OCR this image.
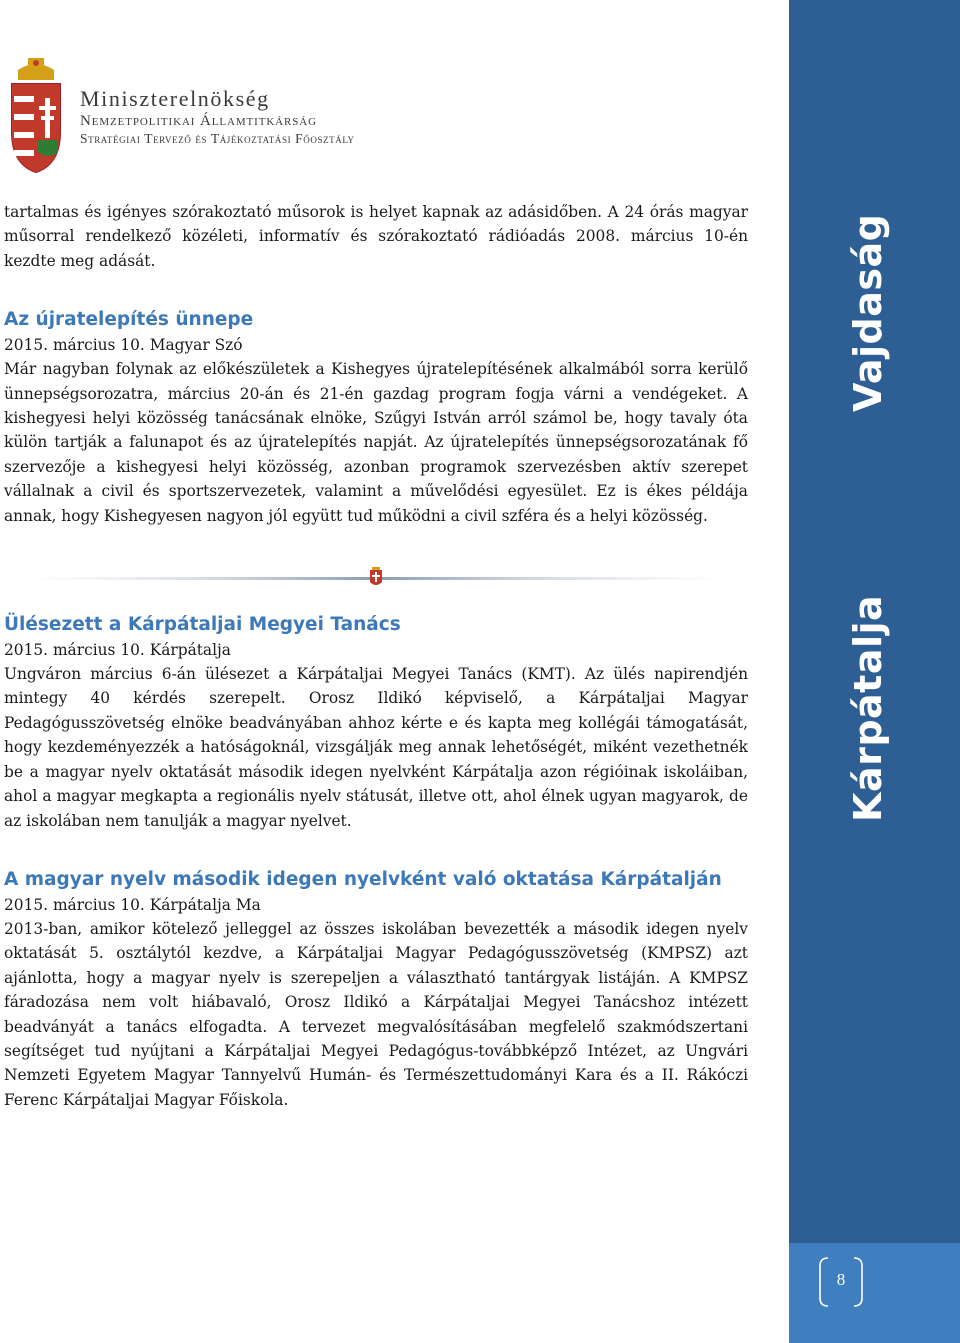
Miniszterelnökség
Nemzetpolitikai Államtitkárság
Stratégiai Tervező és Tájékoztatási Főosztály

tartalmas és igényes szórakoztató műsorok is helyet kapnak az adásidőben. A 24 órás magyar műsorral rendelkező közéleti, informatív és szórakoztató rádióadás 2008. március 10-én kezdte meg adását.

Az újratelepítés ünnepe

2015. március 10. Magyar Szó

Már nagyban folynak az előkészületek a Kishegyes újratelepítésének alkalmából sorra kerülő ünnepségsorozatra, március 20-án és 21-én gazdag program fogja várni a vendégeket. A kishegyesi helyi közösség tanácsának elnöke, Szűgyi István arról számol be, hogy tavaly óta külön tartják a falunapot és az újratelepítés napját. Az újratelepítés ünnepségsorozatának fő szervezője a kishegyesi helyi közösség, azonban programok szervezésben aktív szerepet vállalnak a civil és sportszervezetek, valamint a művelődési egyesület. Ez is ékes példája annak, hogy Kishegyesen nagyon jól együtt tud működni a civil szféra és a helyi közösség.

Ülésezett a Kárpátaljai Megyei Tanács

2015. március 10. Kárpátalja

Ungváron március 6-án ülésezet a Kárpátaljai Megyei Tanács (KMT). Az ülés napirendjén mintegy 40 kérdés szerepelt. Orosz Ildikó képviselő, a Kárpátaljai Magyar Pedagógusszövetség elnöke beadványában ahhoz kérte e és kapta meg kollégái támogatását, hogy kezdeményezzék a hatóságoknál, vizsgálják meg annak lehetőségét, miként vezethetnék be a magyar nyelv oktatását második idegen nyelvként Kárpátalja azon régióinak iskoláiban, ahol a magyar megkapta a regionális nyelv státusát, illetve ott, ahol élnek ugyan magyarok, de az iskolában nem tanulják a magyar nyelvet.

A magyar nyelv második idegen nyelvként való oktatása Kárpátalján

2015. március 10. Kárpátalja Ma

2013-ban, amikor kötelező jelleggel az összes iskolában bevezették a második idegen nyelv oktatását 5. osztálytól kezdve, a Kárpátaljai Magyar Pedagógusszövetség (KMPSZ) azt ajánlotta, hogy a magyar nyelv is szerepeljen a választható tantárgyak listáján. A KMPSZ fáradozása nem volt hiábavaló, Orosz Ildikó a Kárpátaljai Megyei Tanácshoz intézett beadványát a tanács elfogadta. A tervezet megvalósításában megfelelő szakmódszertani segítséget tud nyújtani a Kárpátaljai Megyei Pedagógus-továbbképző Intézet, az Ungvári Nemzeti Egyetem Magyar Tannyelvű Humán- és Természettudományi Kara és a II. Rákóczi Ferenc Kárpátaljai Magyar Főiskola.

Vajdaság
Kárpátalja
8
